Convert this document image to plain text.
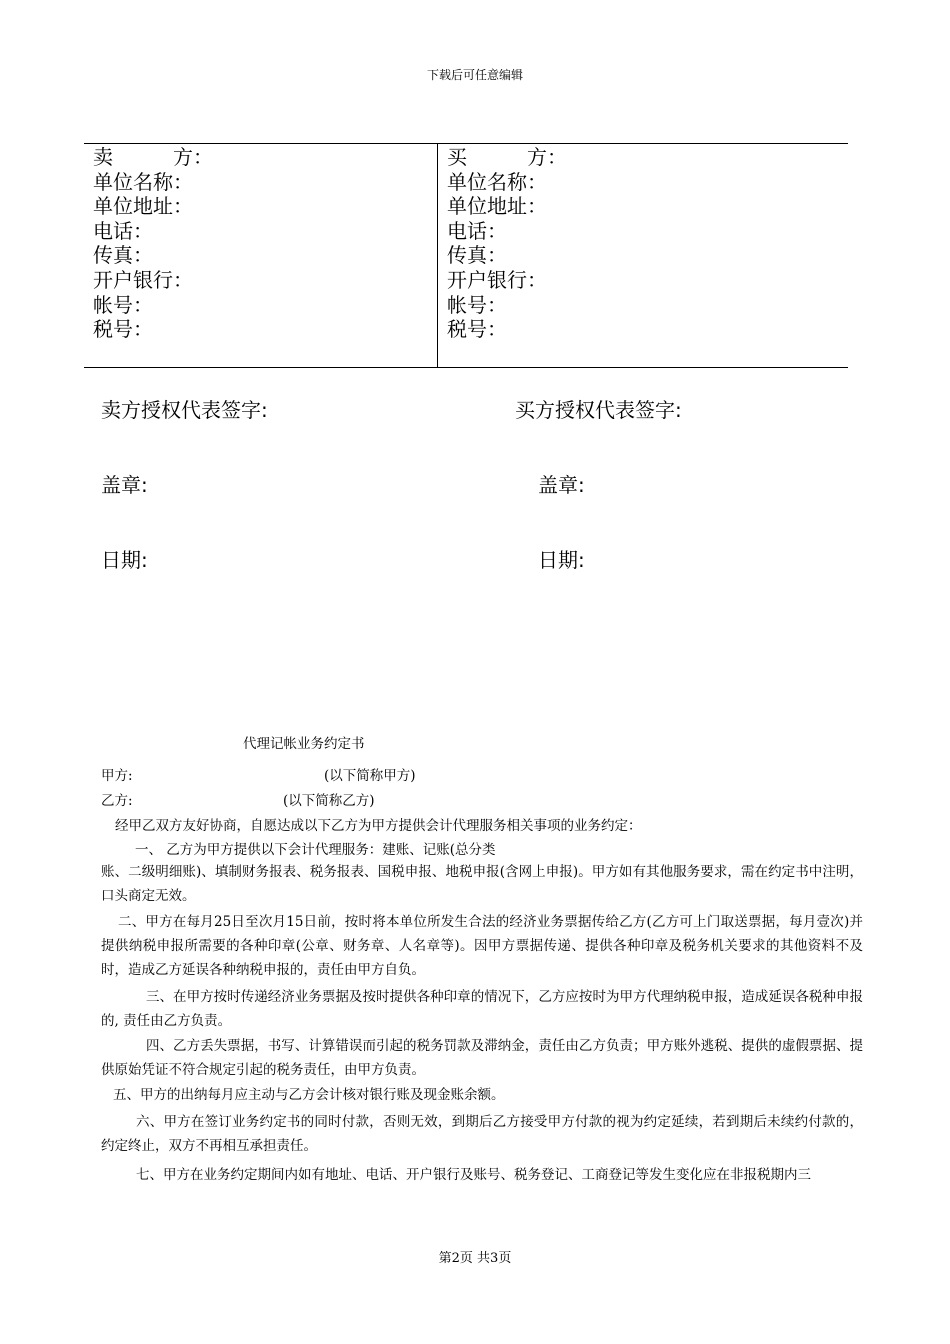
下载后可任意编辑
卖　　　方：
单位名称：
单位地址：
电话：
传真：
开户银行：
帐号：
税号：
买　　　方：
单位名称：
单位地址：
电话：
传真：
开户银行：
帐号：
税号：
卖方授权代表签字:	买方授权代表签字:
盖章:	盖章:
日期:	日期:
代理记帐业务约定书
甲方:	(以下简称甲方)
乙方:	(以下简称乙方)
经甲乙双方友好协商，自愿达成以下乙方为甲方提供会计代理服务相关事项的业务约定：
一、 乙方为甲方提供以下会计代理服务：建账、记账(总分类
账、二级明细账)、填制财务报表、税务报表、国税申报、地税申报(含网上申报)。甲方如有其他服务要求，需在约定书中注明，口头商定无效。
二、甲方在每月25日至次月15日前，按时将本单位所发生合法的经济业务票据传给乙方(乙方可上门取送票据，每月壹次)并提供纳税申报所需要的各种印章(公章、财务章、人名章等)。因甲方票据传递、提供各种印章及税务机关要求的其他资料不及时，造成乙方延误各种纳税申报的，责任由甲方自负。
三、在甲方按时传递经济业务票据及按时提供各种印章的情况下，乙方应按时为甲方代理纳税申报，造成延误各税种申报的, 责任由乙方负责。
四、乙方丢失票据，书写、计算错误而引起的税务罚款及滞纳金，责任由乙方负责；甲方账外逃税、提供的虚假票据、提供原始凭证不符合规定引起的税务责任，由甲方负责。
五、甲方的出纳每月应主动与乙方会计核对银行账及现金账余额。
六、甲方在签订业务约定书的同时付款，否则无效，到期后乙方接受甲方付款的视为约定延续，若到期后未续约付款的，约定终止，双方不再相互承担责任。
七、甲方在业务约定期间内如有地址、电话、开户银行及账号、税务登记、工商登记等发生变化应在非报税期内三
第2页 共3页
